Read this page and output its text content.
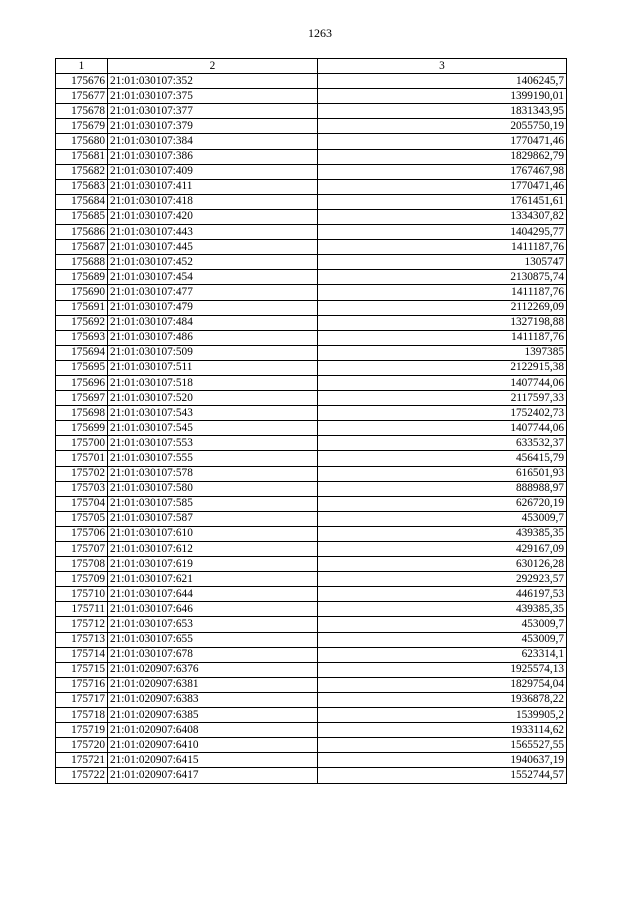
1263
1	2	3
175676	21:01:030107:352	1406245,7
175677	21:01:030107:375	1399190,01
175678	21:01:030107:377	1831343,95
175679	21:01:030107:379	2055750,19
175680	21:01:030107:384	1770471,46
175681	21:01:030107:386	1829862,79
175682	21:01:030107:409	1767467,98
175683	21:01:030107:411	1770471,46
175684	21:01:030107:418	1761451,61
175685	21:01:030107:420	1334307,82
175686	21:01:030107:443	1404295,77
175687	21:01:030107:445	1411187,76
175688	21:01:030107:452	1305747
175689	21:01:030107:454	2130875,74
175690	21:01:030107:477	1411187,76
175691	21:01:030107:479	2112269,09
175692	21:01:030107:484	1327198,88
175693	21:01:030107:486	1411187,76
175694	21:01:030107:509	1397385
175695	21:01:030107:511	2122915,38
175696	21:01:030107:518	1407744,06
175697	21:01:030107:520	2117597,33
175698	21:01:030107:543	1752402,73
175699	21:01:030107:545	1407744,06
175700	21:01:030107:553	633532,37
175701	21:01:030107:555	456415,79
175702	21:01:030107:578	616501,93
175703	21:01:030107:580	888988,97
175704	21:01:030107:585	626720,19
175705	21:01:030107:587	453009,7
175706	21:01:030107:610	439385,35
175707	21:01:030107:612	429167,09
175708	21:01:030107:619	630126,28
175709	21:01:030107:621	292923,57
175710	21:01:030107:644	446197,53
175711	21:01:030107:646	439385,35
175712	21:01:030107:653	453009,7
175713	21:01:030107:655	453009,7
175714	21:01:030107:678	623314,1
175715	21:01:020907:6376	1925574,13
175716	21:01:020907:6381	1829754,04
175717	21:01:020907:6383	1936878,22
175718	21:01:020907:6385	1539905,2
175719	21:01:020907:6408	1933114,62
175720	21:01:020907:6410	1565527,55
175721	21:01:020907:6415	1940637,19
175722	21:01:020907:6417	1552744,57
